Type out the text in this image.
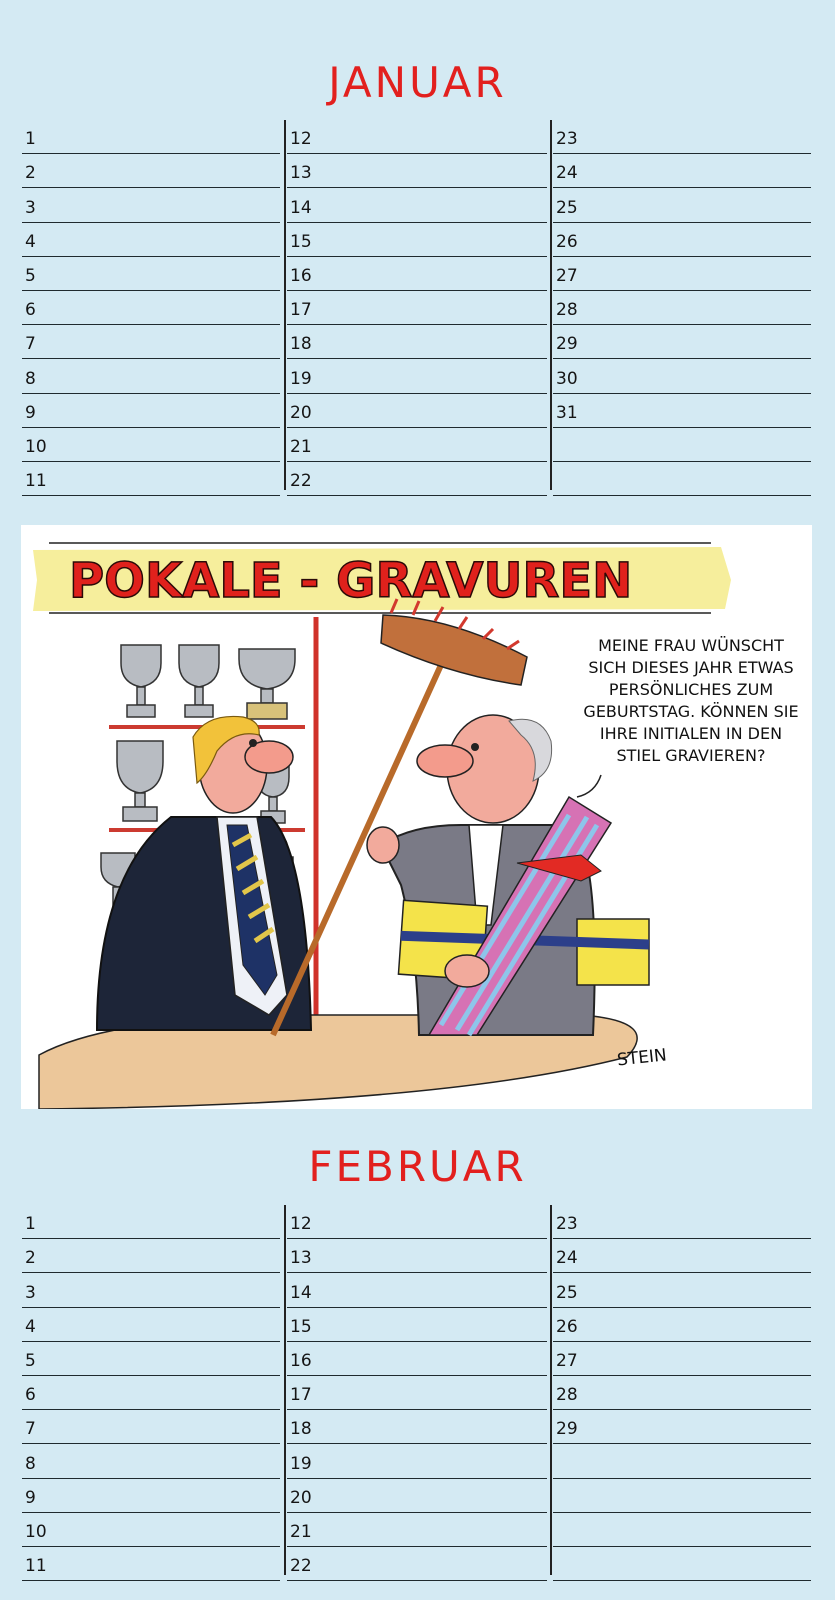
JANUAR
1
2
3
4
5
6
7
8
9
10
11
12
13
14
15
16
17
18
19
20
21
22
23
24
25
26
27
28
29
30
31
POKALE - GRAVUREN
MEINE FRAU WÜNSCHT
SICH DIESES JAHR ETWAS
PERSÖNLICHES ZUM
GEBURTSTAG. KÖNNEN SIE
IHRE INITIALEN IN DEN
STIEL GRAVIEREN?
STEIN
FEBRUAR
1
2
3
4
5
6
7
8
9
10
11
12
13
14
15
16
17
18
19
20
21
22
23
24
25
26
27
28
29
